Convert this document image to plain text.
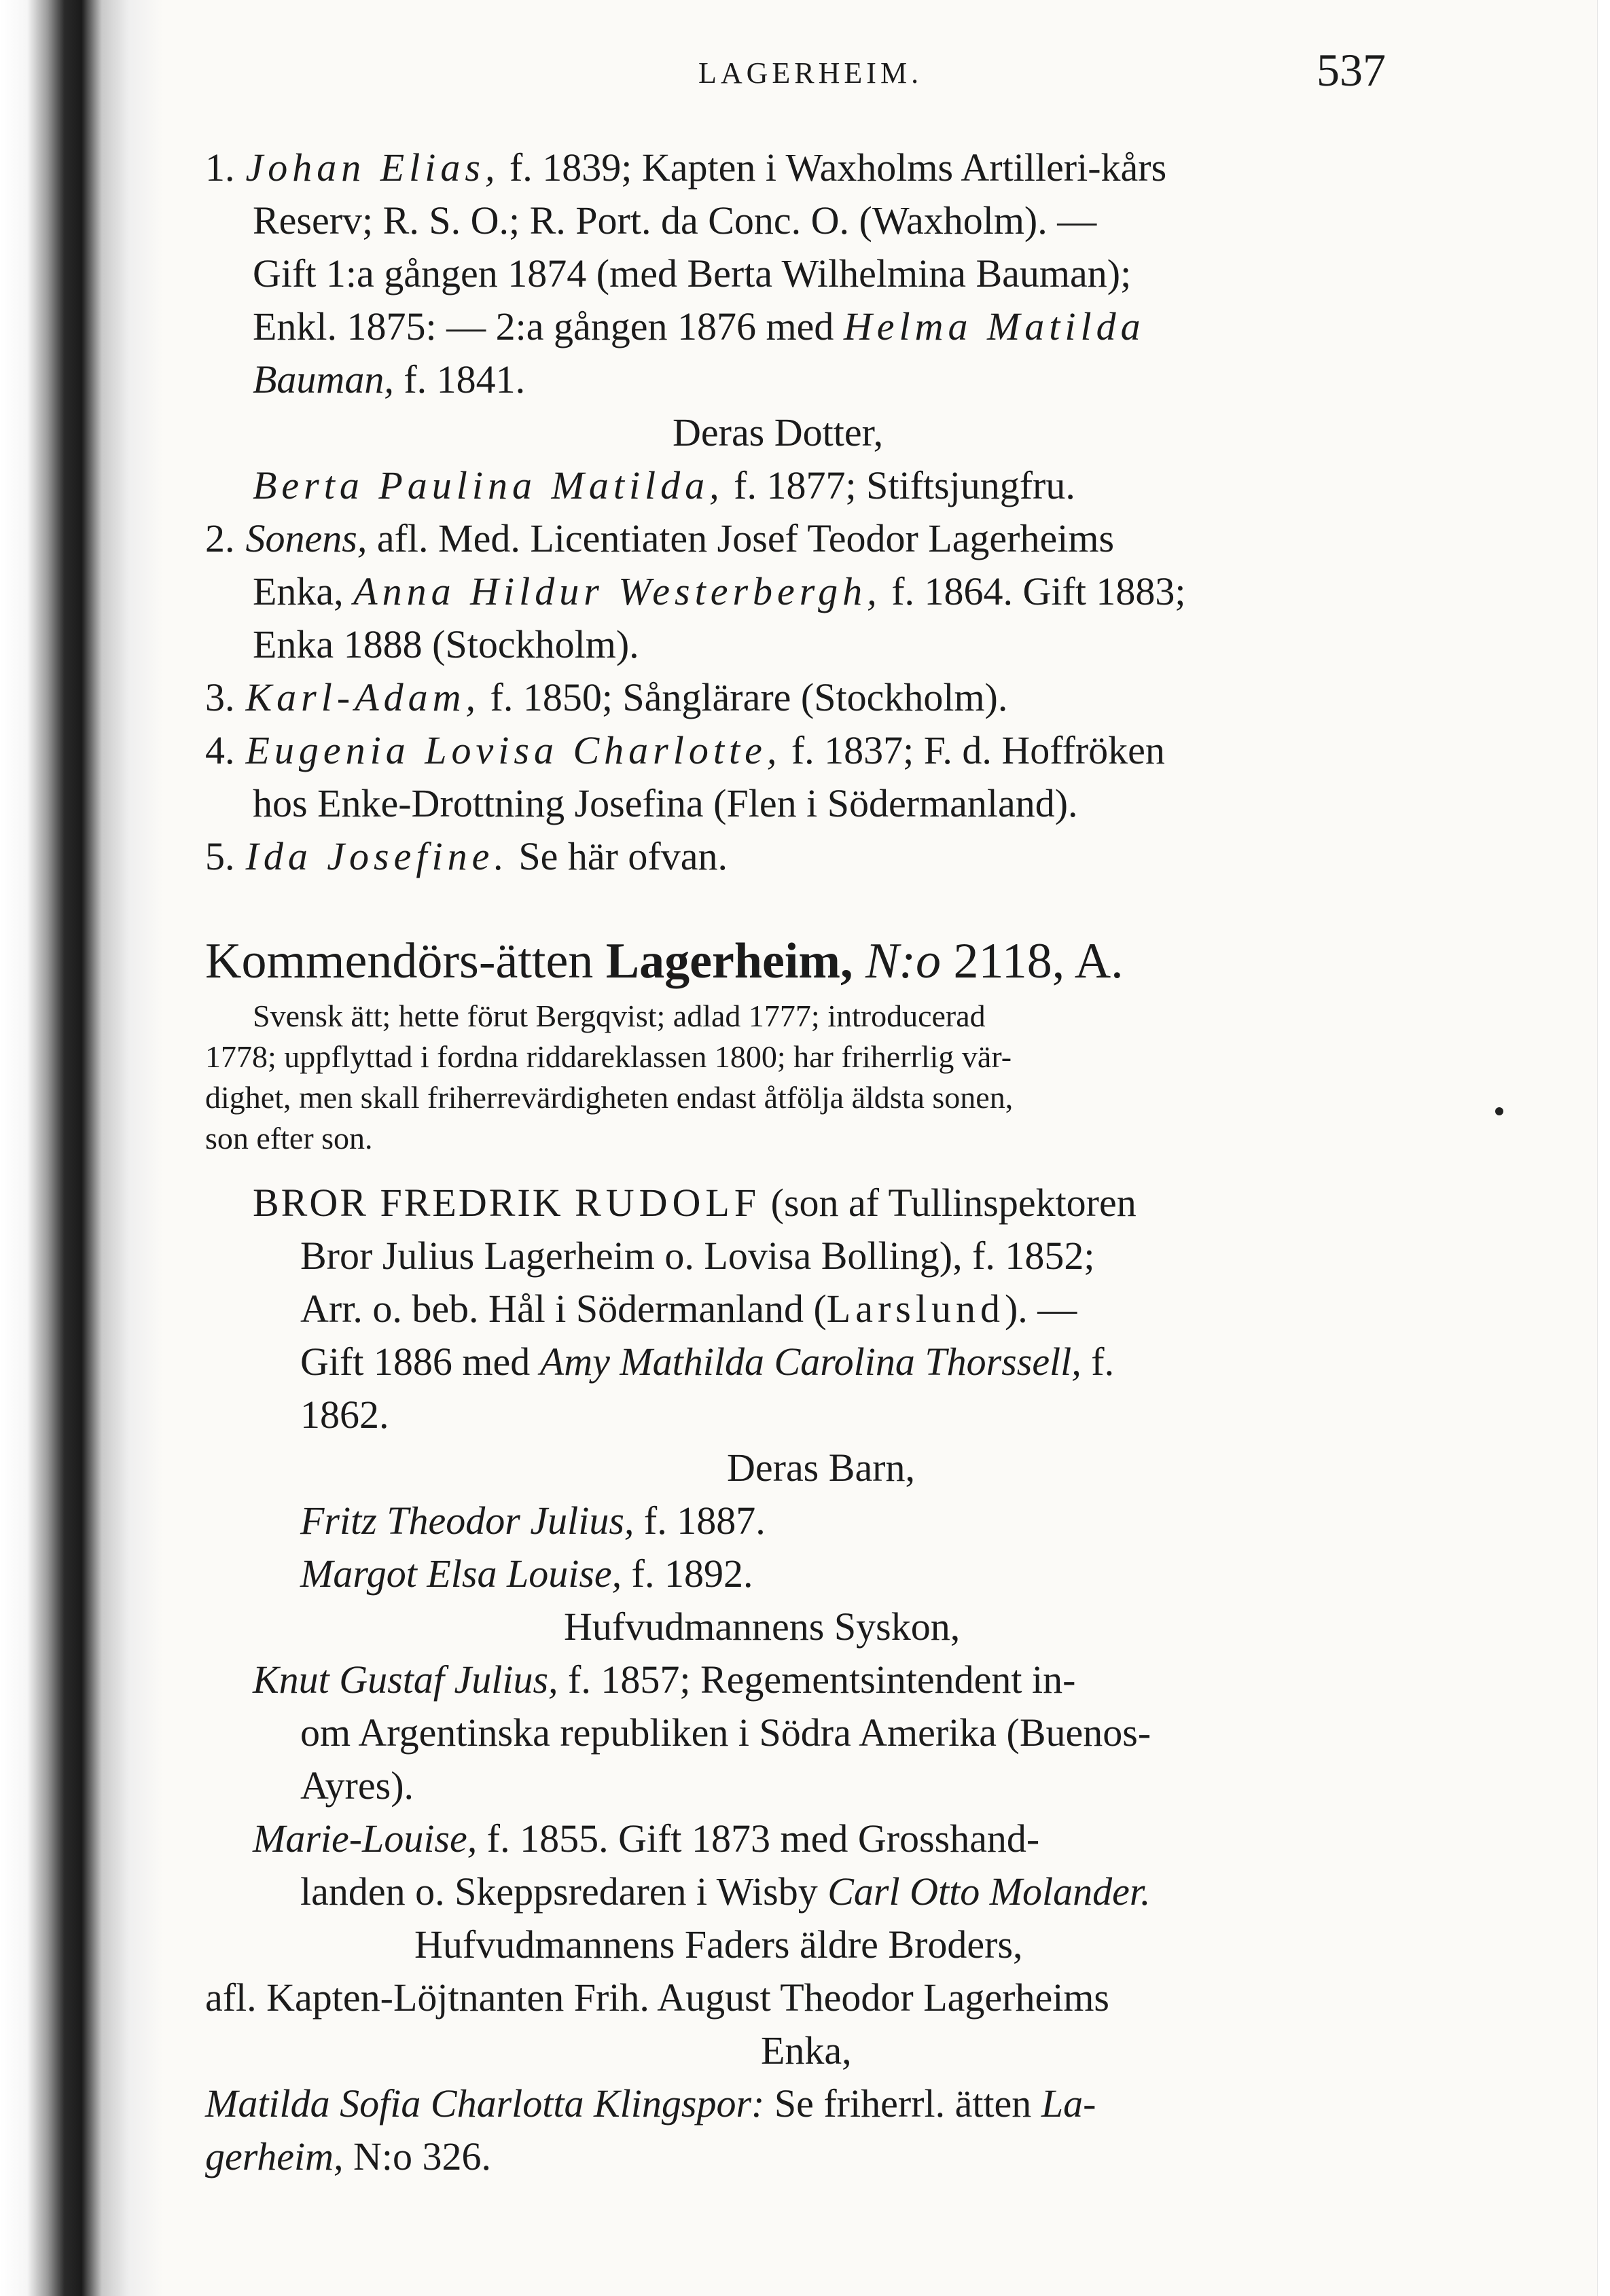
LAGERHEIM.	537
1. Johan Elias, f. 1839; Kapten i Waxholms Artilleri-kårs
Reserv; R. S. O.; R. Port. da Conc. O. (Waxholm). —
Gift 1:a gången 1874 (med Berta Wilhelmina Bauman);
Enkl. 1875: — 2:a gången 1876 med Helma Matilda
Bauman, f. 1841.
Deras Dotter,
Berta Paulina Matilda, f. 1877; Stiftsjungfru.
2. Sonens, afl. Med. Licentiaten Josef Teodor Lagerheims
Enka, Anna Hildur Westerbergh, f. 1864. Gift 1883;
Enka 1888 (Stockholm).
3. Karl-Adam, f. 1850; Sånglärare (Stockholm).
4. Eugenia Lovisa Charlotte, f. 1837; F. d. Hoffröken
hos Enke-Drottning Josefina (Flen i Södermanland).
5. Ida Josefine. Se här ofvan.
Kommendörs-ätten Lagerheim, N:o 2118, A.
Svensk ätt; hette förut Bergqvist; adlad 1777; introducerad
1778; uppflyttad i fordna riddareklassen 1800; har friherrlig vär-
dighet, men skall friherrevärdigheten endast åtfölja äldsta sonen,
son efter son.
BROR FREDRIK RUDOLF (son af Tullinspektoren
Bror Julius Lagerheim o. Lovisa Bolling), f. 1852;
Arr. o. beb. Hål i Södermanland ( Larslund ). —
Gift 1886 med Amy Mathilda Carolina Thorssell, f.
1862.
Deras Barn,
Fritz Theodor Julius, f. 1887.
Margot Elsa Louise, f. 1892.
Hufvudmannens Syskon,
Knut Gustaf Julius, f. 1857; Regementsintendent in-
om Argentinska republiken i Södra Amerika (Buenos-
Ayres).
Marie-Louise, f. 1855. Gift 1873 med Grosshand-
landen o. Skeppsredaren i Wisby Carl Otto Molander.
Hufvudmannens Faders äldre Broders,
afl. Kapten-Löjtnanten Frih. August Theodor Lagerheims
Enka,
Matilda Sofia Charlotta Klingspor: Se friherrl. ätten La-
gerheim, N:o 326.
